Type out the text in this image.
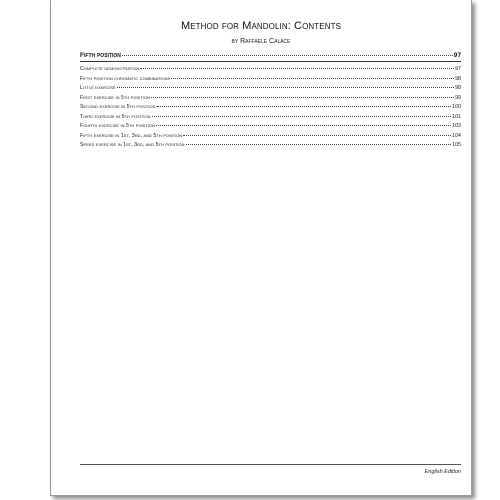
Method for Mandolin: Contents
by Raffaele Calace
Fifth position	97
Complete demonstration	97
Fifth position chromatic combinations	98
Little exercise	98
First exercise in 5th position	99
Second exercise in 5th position	100
Third exercise in 5th position	101
Fourth exercise in 5th position	103
Fifth exercise in 1st, 3rd, and 5th position	104
Speed exercise in 1st, 3rd, and 5th position	105
English Edition
